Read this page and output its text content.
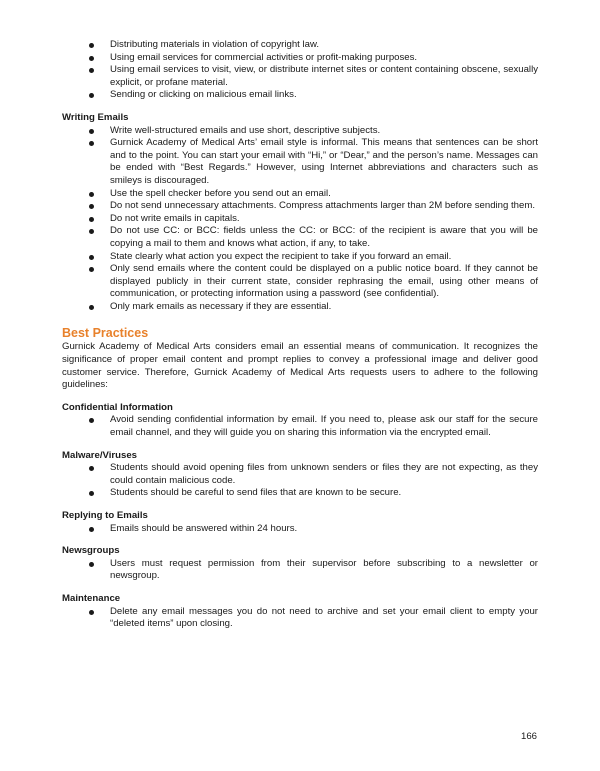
Distributing materials in violation of copyright law.
Using email services for commercial activities or profit-making purposes.
Using email services to visit, view, or distribute internet sites or content containing obscene, sexually explicit, or profane material.
Sending or clicking on malicious email links.
Writing Emails
Write well-structured emails and use short, descriptive subjects.
Gurnick Academy of Medical Arts’ email style is informal. This means that sentences can be short and to the point. You can start your email with “Hi,” or “Dear,” and the person’s name. Messages can be ended with “Best Regards.” However, using Internet abbreviations and characters such as smileys is discouraged.
Use the spell checker before you send out an email.
Do not send unnecessary attachments. Compress attachments larger than 2M before sending them.
Do not write emails in capitals.
Do not use CC: or BCC: fields unless the CC: or BCC: of the recipient is aware that you will be copying a mail to them and knows what action, if any, to take.
State clearly what action you expect the recipient to take if you forward an email.
Only send emails where the content could be displayed on a public notice board. If they cannot be displayed publicly in their current state, consider rephrasing the email, using other means of communication, or protecting information using a password (see confidential).
Only mark emails as necessary if they are essential.
Best Practices

Gurnick Academy of Medical Arts considers email an essential means of communication. It recognizes the significance of proper email content and prompt replies to convey a professional image and deliver good customer service. Therefore, Gurnick Academy of Medical Arts requests users to adhere to the following guidelines:

Confidential Information
Avoid sending confidential information by email. If you need to, please ask our staff for the secure email channel, and they will guide you on sharing this information via the encrypted email.
Malware/Viruses
Students should avoid opening files from unknown senders or files they are not expecting, as they could contain malicious code.
Students should be careful to send files that are known to be secure.
Replying to Emails
Emails should be answered within 24 hours.
Newsgroups
Users must request permission from their supervisor before subscribing to a newsletter or newsgroup.
Maintenance
Delete any email messages you do not need to archive and set your email client to empty your “deleted items” upon closing.
166
